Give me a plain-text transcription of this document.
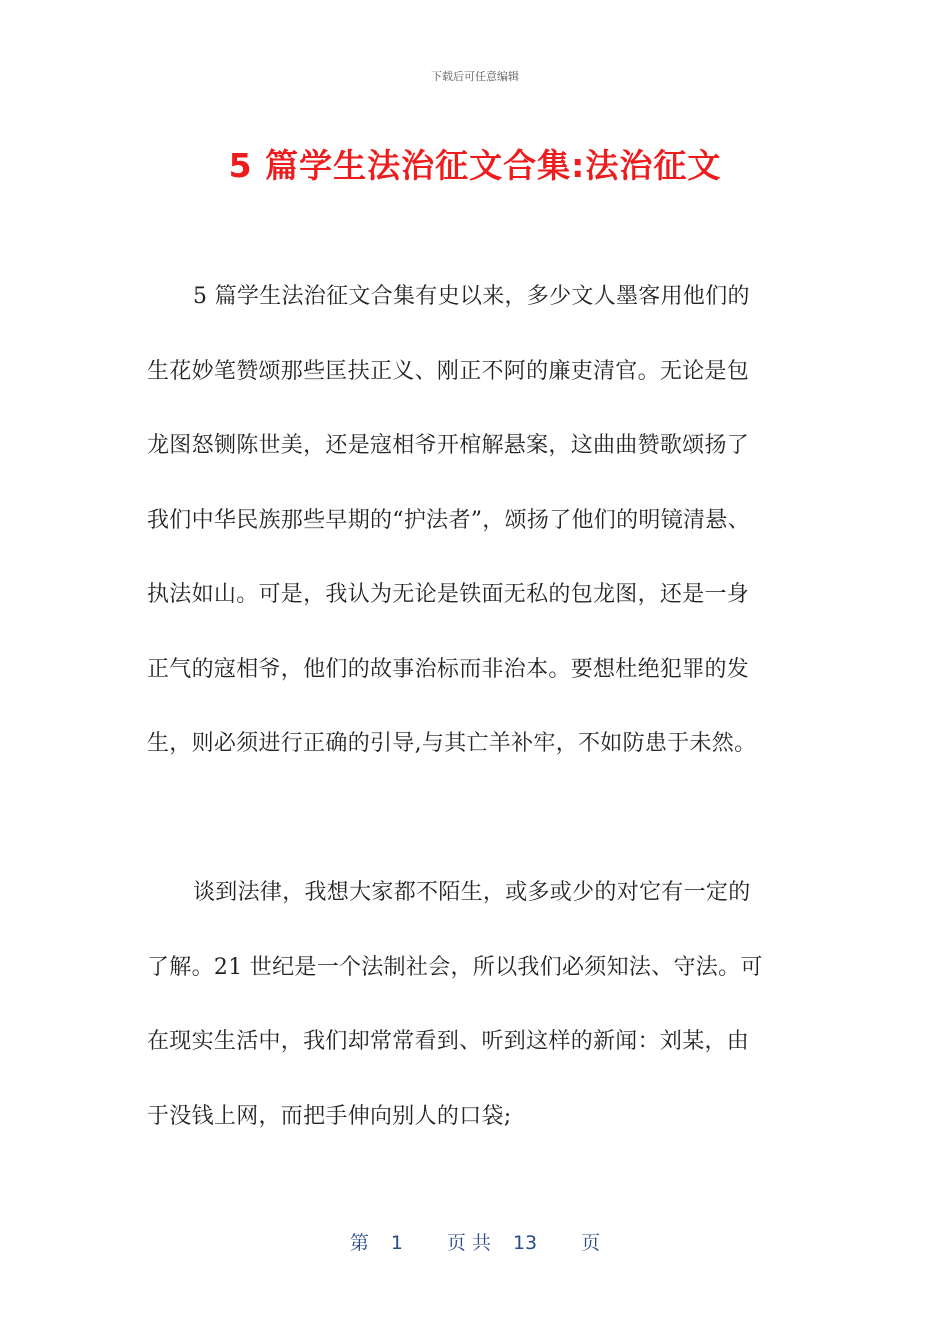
下载后可任意编辑
5 篇学生法治征文合集:法治征文
5 篇学生法治征文合集有史以来，多少文人墨客用他们的
生花妙笔赞颂那些匡扶正义、刚正不阿的廉吏清官。无论是包
龙图怒铡陈世美，还是寇相爷开棺解悬案，这曲曲赞歌颂扬了
我们中华民族那些早期的“护法者”，颂扬了他们的明镜清悬、
执法如山。可是，我认为无论是铁面无私的包龙图，还是一身
正气的寇相爷，他们的故事治标而非治本。要想杜绝犯罪的发
生，则必须进行正确的引导,与其亡羊补牢，不如防患于未然。
谈到法律，我想大家都不陌生，或多或少的对它有一定的
了解。21 世纪是一个法制社会，所以我们必须知法、守法。可
在现实生活中，我们却常常看到、听到这样的新闻：刘某，由
于没钱上网，而把手伸向别人的口袋;
第 1 页 共 13 页
